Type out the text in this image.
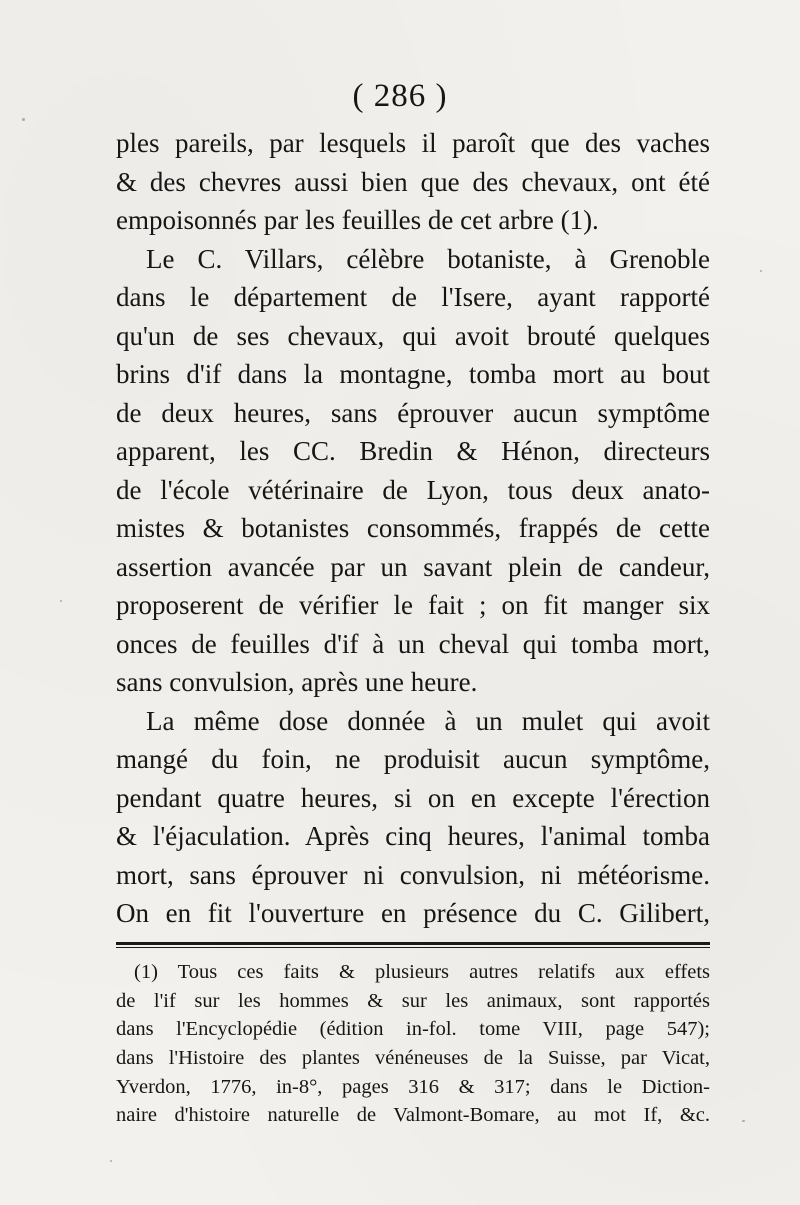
( 286 )
ples pareils, par lesquels il paroît que des vaches
& des chevres aussi bien que des chevaux, ont été
empoisonnés par les feuilles de cet arbre (1).
Le C. Villars, célèbre botaniste, à Grenoble
dans le département de l'Isere, ayant rapporté
qu'un de ses chevaux, qui avoit brouté quelques
brins d'if dans la montagne, tomba mort au bout
de deux heures, sans éprouver aucun symptôme
apparent, les CC. Bredin & Hénon, directeurs
de l'école vétérinaire de Lyon, tous deux anato-
mistes & botanistes consommés, frappés de cette
assertion avancée par un savant plein de candeur,
proposerent de vérifier le fait ; on fit manger six
onces de feuilles d'if à un cheval qui tomba mort,
sans convulsion, après une heure.
La même dose donnée à un mulet qui avoit
mangé du foin, ne produisit aucun symptôme,
pendant quatre heures, si on en excepte l'érection
& l'éjaculation. Après cinq heures, l'animal tomba
mort, sans éprouver ni convulsion, ni météorisme.
On en fit l'ouverture en présence du C. Gilibert,
(1) Tous ces faits & plusieurs autres relatifs aux effets
de l'if sur les hommes & sur les animaux, sont rapportés
dans l'Encyclopédie (édition in-fol. tome VIII, page 547);
dans l'Histoire des plantes vénéneuses de la Suisse, par Vicat,
Yverdon, 1776, in-8°, pages 316 & 317; dans le Diction-
naire d'histoire naturelle de Valmont-Bomare, au mot If, &c.
